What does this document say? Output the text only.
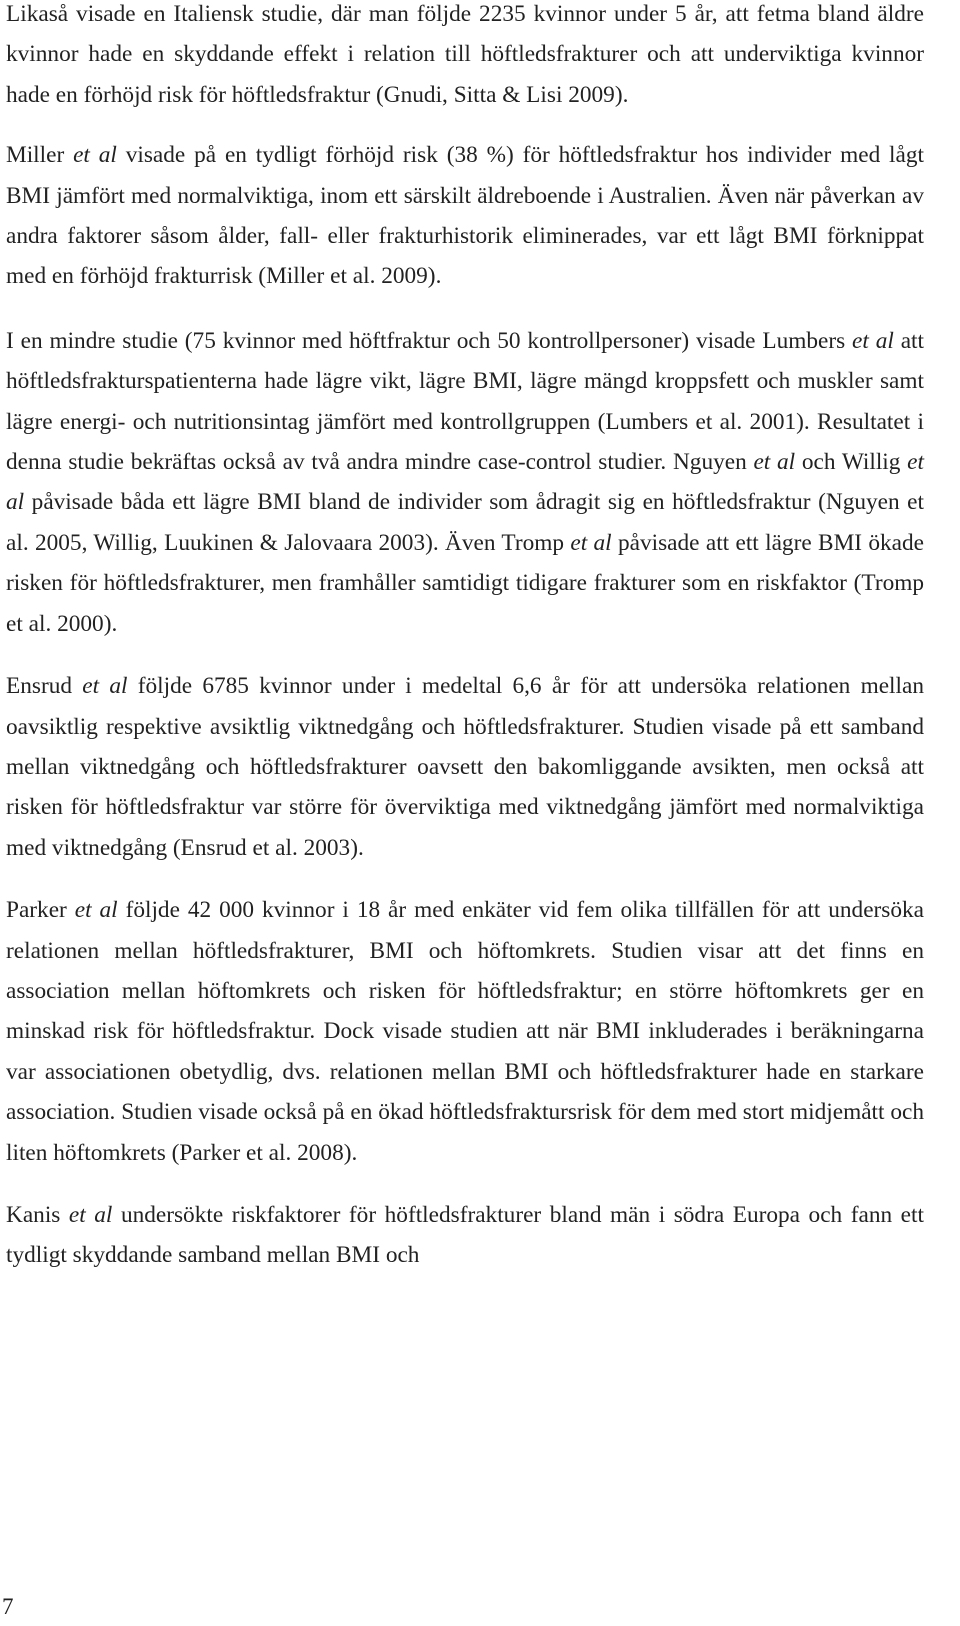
Likaså visade en Italiensk studie, där man följde 2235 kvinnor under 5 år, att fetma bland äldre kvinnor hade en skyddande effekt i relation till höftledsfrakturer och att underviktiga kvinnor hade en förhöjd risk för höftledsfraktur (Gnudi, Sitta & Lisi 2009).

Miller et al visade på en tydligt förhöjd risk (38 %) för höftledsfraktur hos individer med lågt BMI jämfört med normalviktiga, inom ett särskilt äldreboende i Australien. Även när påverkan av andra faktorer såsom ålder, fall- eller frakturhistorik eliminerades, var ett lågt BMI förknippat med en förhöjd frakturrisk (Miller et al. 2009).

I en mindre studie (75 kvinnor med höftfraktur och 50 kontrollpersoner) visade Lumbers et al att höftledsfrakturspatienterna hade lägre vikt, lägre BMI, lägre mängd kroppsfett och muskler samt lägre energi- och nutritionsintag jämfört med kontrollgruppen (Lumbers et al. 2001). Resultatet i denna studie bekräftas också av två andra mindre case-control studier. Nguyen et al och Willig et al påvisade båda ett lägre BMI bland de individer som ådragit sig en höftledsfraktur (Nguyen et al. 2005, Willig, Luukinen & Jalovaara 2003). Även Tromp et al påvisade att ett lägre BMI ökade risken för höftledsfrakturer, men framhåller samtidigt tidigare frakturer som en riskfaktor (Tromp et al. 2000).

Ensrud et al följde 6785 kvinnor under i medeltal 6,6 år för att undersöka relationen mellan oavsiktlig respektive avsiktlig viktnedgång och höftledsfrakturer. Studien visade på ett samband mellan viktnedgång och höftledsfrakturer oavsett den bakomliggande avsikten, men också att risken för höftledsfraktur var större för överviktiga med viktnedgång jämfört med normalviktiga med viktnedgång (Ensrud et al. 2003).

Parker et al följde 42 000 kvinnor i 18 år med enkäter vid fem olika tillfällen för att undersöka relationen mellan höftledsfrakturer, BMI och höftomkrets. Studien visar att det finns en association mellan höftomkrets och risken för höftledsfraktur; en större höftomkrets ger en minskad risk för höftledsfraktur. Dock visade studien att när BMI inkluderades i beräkningarna var associationen obetydlig, dvs. relationen mellan BMI och höftledsfrakturer hade en starkare association. Studien visade också på en ökad höftledsfraktursrisk för dem med stort midjemått och liten höftomkrets (Parker et al. 2008).

Kanis et al undersökte riskfaktorer för höftledsfrakturer bland män i södra Europa och fann ett tydligt skyddande samband mellan BMI och

7
